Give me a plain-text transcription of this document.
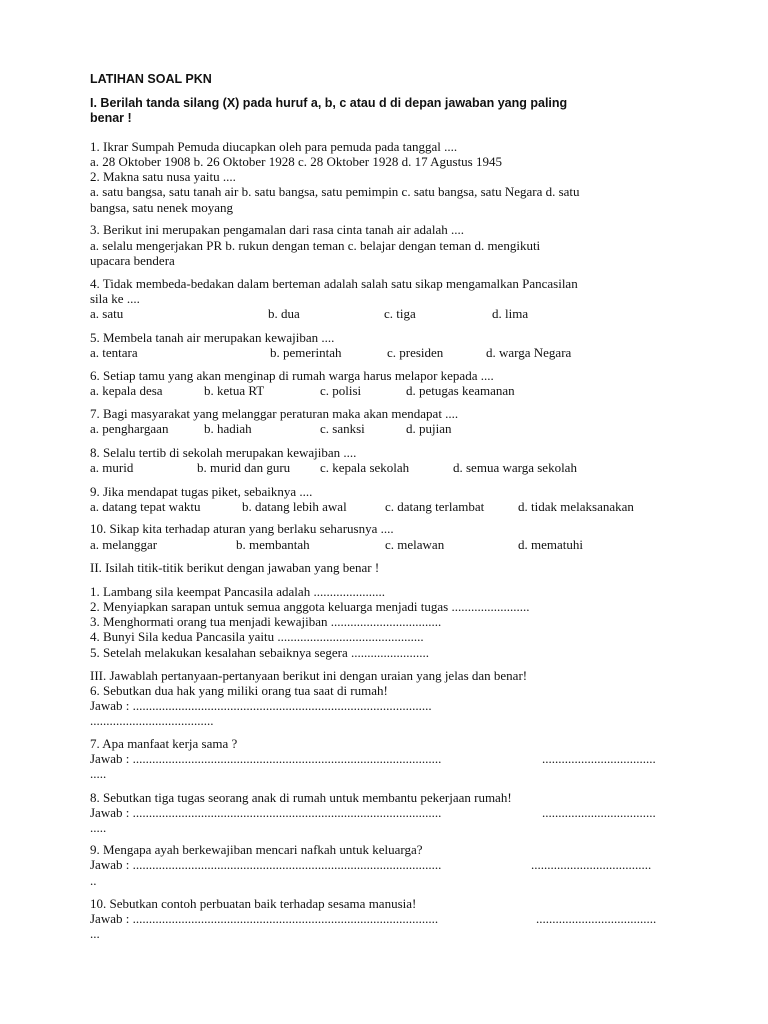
LATIHAN SOAL PKN
I. Berilah tanda silang (X) pada huruf a, b, c atau d di depan jawaban yang paling
benar !
1. Ikrar Sumpah Pemuda diucapkan oleh para pemuda pada tanggal ....
a. 28 Oktober 1908 b. 26 Oktober 1928 c. 28 Oktober 1928 d. 17 Agustus 1945
2. Makna satu nusa yaitu ....
a. satu bangsa, satu tanah air b. satu bangsa, satu pemimpin c. satu bangsa, satu Negara d. satu
bangsa, satu nenek moyang
3. Berikut ini merupakan pengamalan dari rasa cinta tanah air adalah ....
a. selalu mengerjakan PR b. rukun dengan teman c. belajar dengan teman d. mengikuti
upacara bendera
4. Tidak membeda-bedakan dalam berteman adalah salah satu sikap mengamalkan Pancasilan
sila ke ....
a. satu	b. dua	c. tiga	d. lima
5. Membela tanah air merupakan kewajiban ....
a. tentara	b. pemerintah	c. presiden	d. warga Negara
6. Setiap tamu yang akan menginap di rumah warga harus melapor kepada ....
a. kepala desa	b. ketua RT	c. polisi	d. petugas keamanan
7. Bagi masyarakat yang melanggar peraturan maka akan mendapat ....
a. penghargaan	b. hadiah	c. sanksi	d. pujian
8. Selalu tertib di sekolah merupakan kewajiban ....
a. murid	b. murid dan guru c. kepala sekolah	d. semua warga sekolah
9. Jika mendapat tugas piket, sebaiknya ....
a. datang tepat waktu	b. datang lebih awal	c. datang terlambat	d. tidak melaksanakan
10. Sikap kita terhadap aturan yang berlaku seharusnya ....
a. melanggar	b. membantah	c. melawan	d. mematuhi
II. Isilah titik-titik berikut dengan jawaban yang benar !
1. Lambang sila keempat Pancasila adalah ......................
2. Menyiapkan sarapan untuk semua anggota keluarga menjadi tugas ........................
3. Menghormati orang tua menjadi kewajiban ..................................
4. Bunyi Sila kedua Pancasila yaitu .............................................
5. Setelah melakukan kesalahan sebaiknya segera ........................
III. Jawablah pertanyaan-pertanyaan berikut ini dengan uraian yang jelas dan benar!
6. Sebutkan dua hak yang miliki orang tua saat di rumah!
Jawab : ............................................................................................
......................................
7. Apa manfaat kerja sama ?
Jawab : ...............................................................................................	...................................
.....
8. Sebutkan tiga tugas seorang anak di rumah untuk membantu pekerjaan rumah!
Jawab : ...............................................................................................	...................................
.....
9. Mengapa ayah berkewajiban mencari nafkah untuk keluarga?
Jawab : ...............................................................................................	.....................................
..
10. Sebutkan contoh perbuatan baik terhadap sesama manusia!
Jawab : ..............................................................................................	.....................................
...
